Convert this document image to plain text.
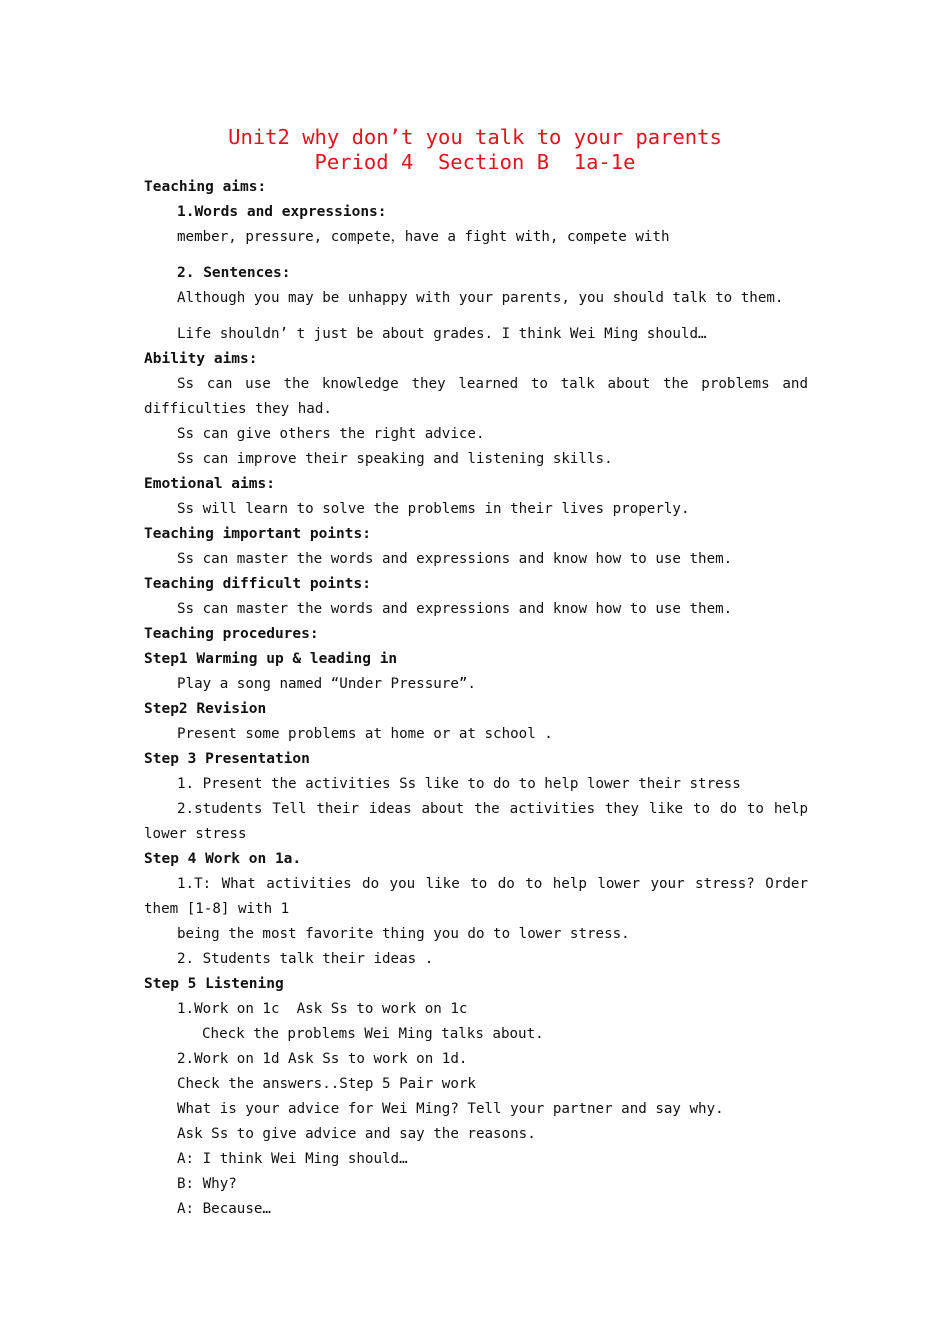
Unit2 why don’t you talk to your parents
Period 4  Section B  1a-1e
Teaching aims:
1.Words and expressions:
member, pressure, compete，have a fight with, compete with
2. Sentences:
Although you may be unhappy with your parents, you should talk to them.
Life shouldn’ t just be about grades. I think Wei Ming should…
Ability aims:
Ss can use the knowledge they learned to talk about the problems and difficulties they had.
Ss can give others the right advice.
Ss can improve their speaking and listening skills.
Emotional aims:
Ss will learn to solve the problems in their lives properly.
Teaching important points:
Ss can master the words and expressions and know how to use them.
Teaching difficult points:
Ss can master the words and expressions and know how to use them.
Teaching procedures:
Step1 Warming up & leading in
Play a song named “Under Pressure”.
Step2 Revision
Present some problems at home or at school .
Step 3 Presentation
1. Present the activities Ss like to do to help lower their stress
2.students Tell their ideas about the activities they like to do to help lower stress
Step 4 Work on 1a.
1.T: What activities do you like to do to help lower your stress? Order them [1-8] with 1
being the most favorite thing you do to lower stress.
2. Students talk their ideas .
Step 5 Listening
1.Work on 1c  Ask Ss to work on 1c
Check the problems Wei Ming talks about.
2.Work on 1d Ask Ss to work on 1d.
Check the answers..Step 5 Pair work
What is your advice for Wei Ming? Tell your partner and say why.
Ask Ss to give advice and say the reasons.
A: I think Wei Ming should…
B: Why?
A: Because…
